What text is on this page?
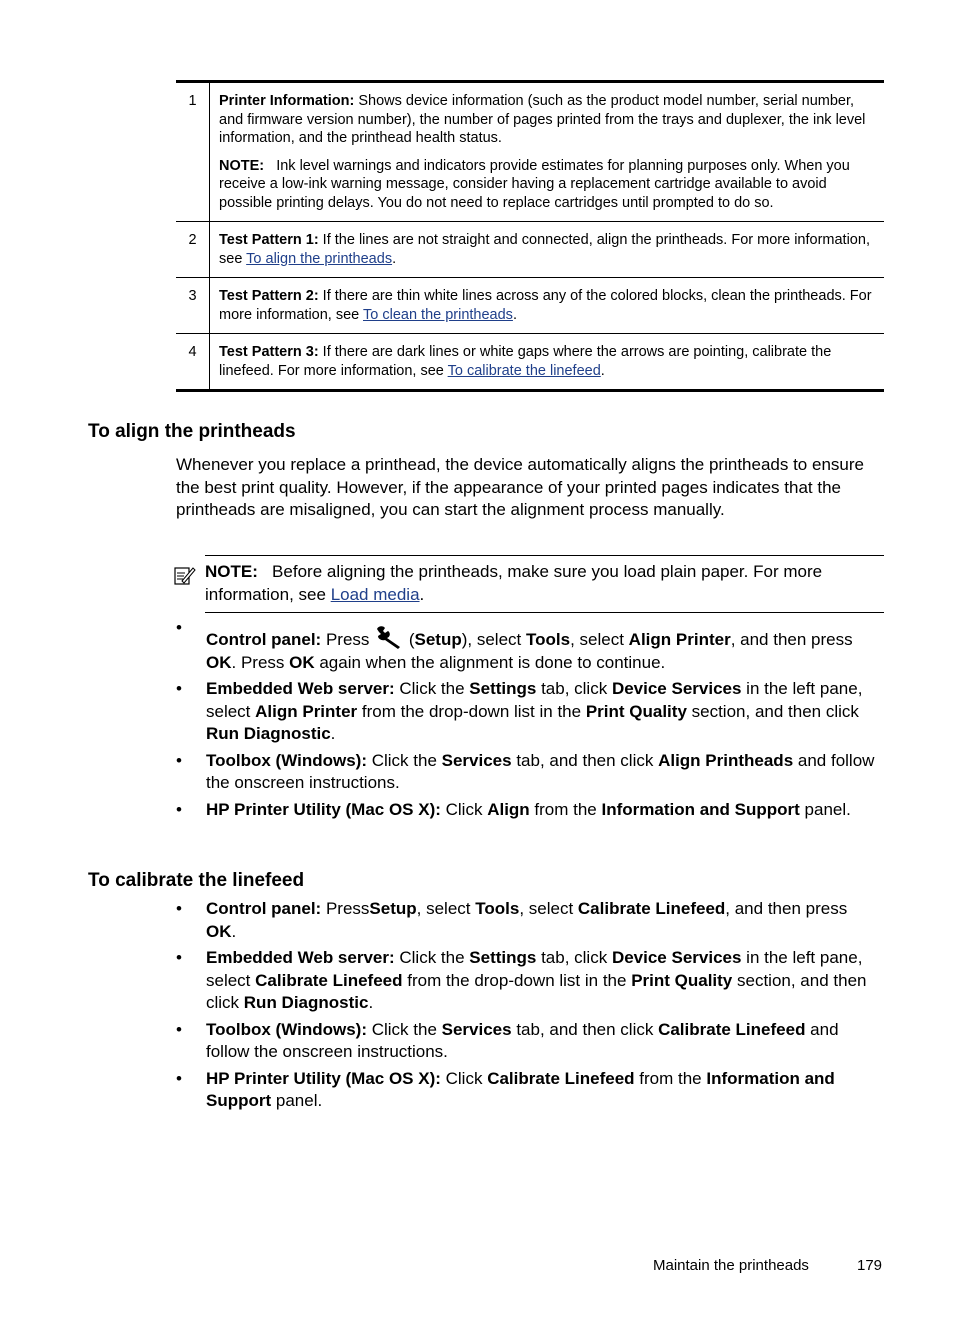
1	Printer Information: Shows device information (such as the product model number, serial number, and firmware version number), the number of pages printed from the trays and duplexer, the ink level information, and the printhead health status.

NOTE:   Ink level warnings and indicators provide estimates for planning purposes only. When you receive a low-ink warning message, consider having a replacement cartridge available to avoid possible printing delays. You do not need to replace cartridges until prompted to do so.

2	Test Pattern 1: If the lines are not straight and connected, align the printheads. For more information, see To align the printheads.

3	Test Pattern 2: If there are thin white lines across any of the colored blocks, clean the printheads. For more information, see To clean the printheads.

4	Test Pattern 3: If there are dark lines or white gaps where the arrows are pointing, calibrate the linefeed. For more information, see To calibrate the linefeed.

To align the printheads

Whenever you replace a printhead, the device automatically aligns the printheads to ensure the best print quality. However, if the appearance of your printed pages indicates that the printheads are misaligned, you can start the alignment process manually.

NOTE:   Before aligning the printheads, make sure you load plain paper. For more information, see Load media.
•
Control panel: Press  (Setup), select Tools, select Align Printer, and then press OK. Press OK again when the alignment is done to continue.
• Embedded Web server: Click the Settings tab, click Device Services in the left pane, select Align Printer from the drop-down list in the Print Quality section, and then click Run Diagnostic.
• Toolbox (Windows): Click the Services tab, and then click Align Printheads and follow the onscreen instructions.
• HP Printer Utility (Mac OS X): Click Align from the Information and Support panel.
To calibrate the linefeed
• Control panel: PressSetup, select Tools, select Calibrate Linefeed, and then press OK.
• Embedded Web server: Click the Settings tab, click Device Services in the left pane, select Calibrate Linefeed from the drop-down list in the Print Quality section, and then click Run Diagnostic.
• Toolbox (Windows): Click the Services tab, and then click Calibrate Linefeed and follow the onscreen instructions.
• HP Printer Utility (Mac OS X): Click Calibrate Linefeed from the Information and Support panel.
Maintain the printheads	179
